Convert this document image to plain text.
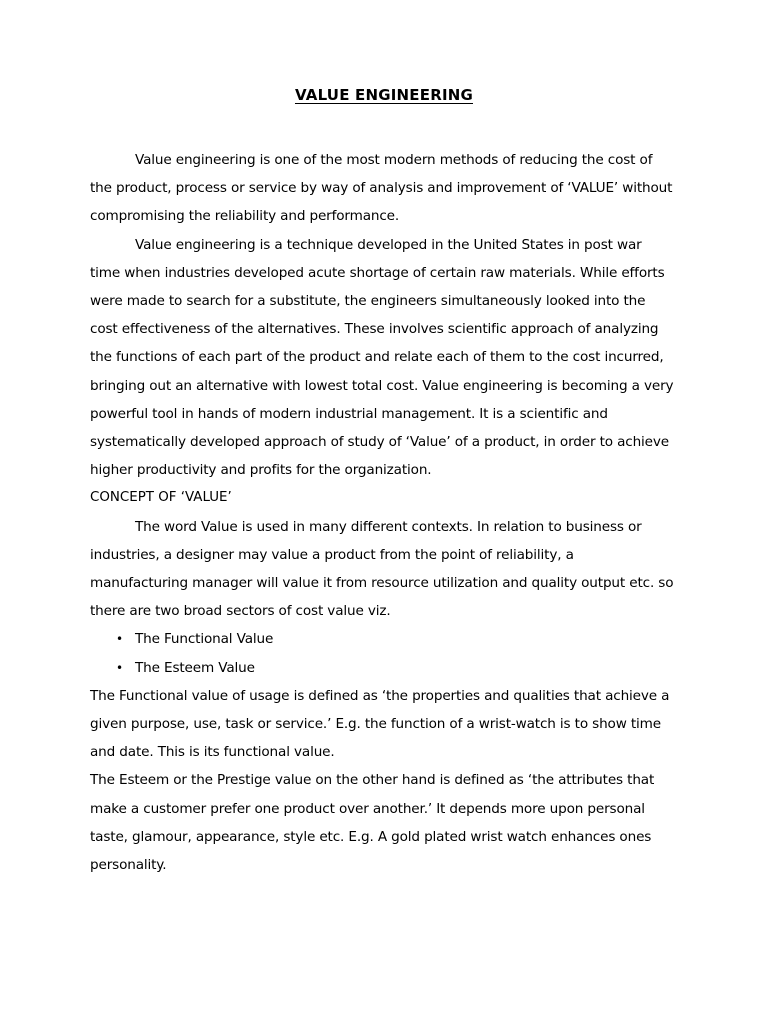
VALUE ENGINEERING

Value engineering is one of the most modern methods of reducing the cost of the product, process or service by way of analysis and improvement of ‘VALUE’ without compromising the reliability and performance.

Value engineering is a technique developed in the United States in post war time when industries developed acute shortage of certain raw materials. While efforts were made to search for a substitute, the engineers simultaneously looked into the cost effectiveness of the alternatives. These involves scientific approach of analyzing the functions of each part of the product and relate each of them to the cost incurred, bringing out an alternative with lowest total cost. Value engineering is becoming a very powerful tool in hands of modern industrial management. It is a scientific and systematically developed approach of study of ‘Value’ of a product, in order to achieve higher productivity and profits for the organization.

CONCEPT OF ‘VALUE’

The word Value is used in many different contexts. In relation to business or industries, a designer may value a product from the point of reliability, a manufacturing manager will value it from resource utilization and quality output etc. so there are two broad sectors of cost value viz.

• The Functional Value
• The Esteem Value

The Functional value of usage is defined as ‘the properties and qualities that achieve a given purpose, use, task or service.’ E.g. the function of a wrist-watch is to show time and date. This is its functional value.

The Esteem or the Prestige value on the other hand is defined as ‘the attributes that make a customer prefer one product over another.’ It depends more upon personal taste, glamour, appearance, style etc. E.g. A gold plated wrist watch enhances ones personality.
